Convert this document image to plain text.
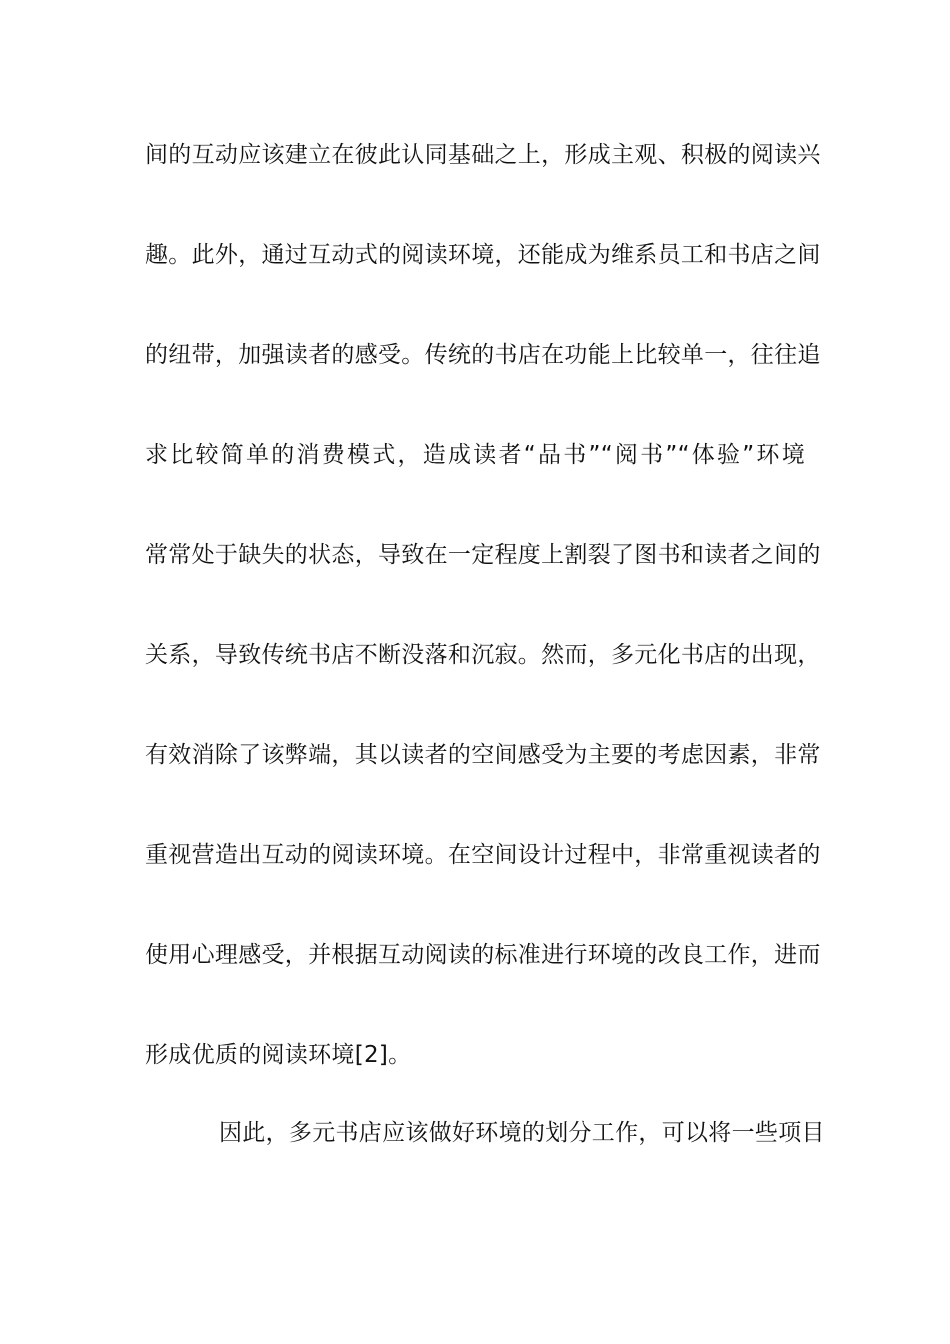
间的互动应该建立在彼此认同基础之上，形成主观、积极的阅读兴
趣。此外，通过互动式的阅读环境，还能成为维系员工和书店之间
的纽带，加强读者的感受。传统的书店在功能上比较单一，往往追
求比较简单的消费模式，造成读者“品书”“阅书”“体验”环境
常常处于缺失的状态，导致在一定程度上割裂了图书和读者之间的
关系，导致传统书店不断没落和沉寂。然而，多元化书店的出现，
有效消除了该弊端，其以读者的空间感受为主要的考虑因素，非常
重视营造出互动的阅读环境。在空间设计过程中，非常重视读者的
使用心理感受，并根据互动阅读的标准进行环境的改良工作，进而
形成优质的阅读环境[2]。
因此，多元书店应该做好环境的划分工作，可以将一些项目
